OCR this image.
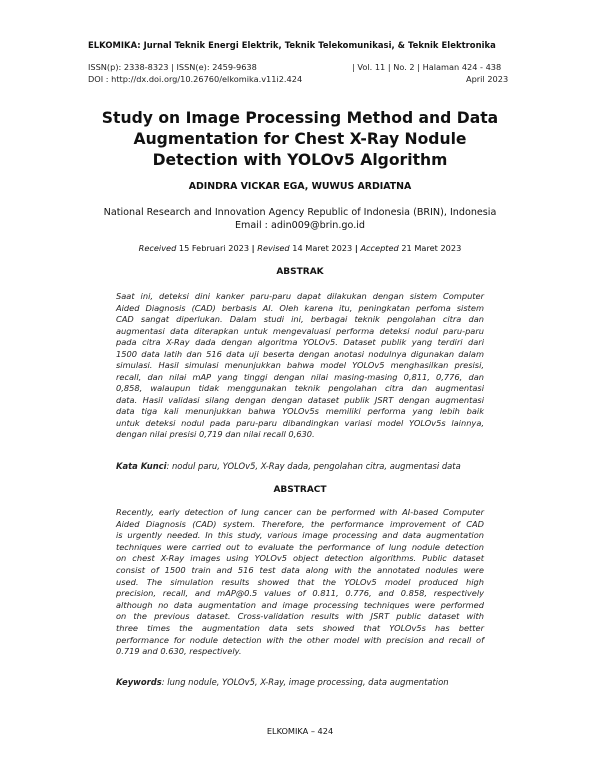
ELKOMIKA: Jurnal Teknik Energi Elektrik, Teknik Telekomunikasi, & Teknik Elektronika
ISSN(p): 2338-8323 | ISSN(e): 2459-9638	| Vol. 11 | No. 2 | Halaman 424 - 438
DOI : http://dx.doi.org/10.26760/elkomika.v11i2.424	April 2023
Study on Image Processing Method and Data
Augmentation for Chest X-Ray Nodule
Detection with YOLOv5 Algorithm
ADINDRA VICKAR EGA, WUWUS ARDIATNA
National Research and Innovation Agency Republic of Indonesia (BRIN), Indonesia
Email : adin009@brin.go.id
Received 15 Februari 2023 | Revised 14 Maret 2023 | Accepted 21 Maret 2023
ABSTRAK
Saat ini, deteksi dini kanker paru-paru dapat dilakukan dengan sistem Computer
Aided Diagnosis (CAD) berbasis AI. Oleh karena itu, peningkatan perfoma sistem
CAD sangat diperlukan. Dalam studi ini, berbagai teknik pengolahan citra dan
augmentasi data diterapkan untuk mengevaluasi performa deteksi nodul paru-paru
pada citra X-Ray dada dengan algoritma YOLOv5. Dataset publik yang terdiri dari
1500 data latih dan 516 data uji beserta dengan anotasi nodulnya digunakan dalam
simulasi. Hasil simulasi menunjukkan bahwa model YOLOv5 menghasilkan presisi,
recall, dan nilai mAP yang tinggi dengan nilai masing-masing 0,811, 0,776, dan
0,858, walaupun tidak menggunakan teknik pengolahan citra dan augmentasi
data. Hasil validasi silang dengan dengan dataset publik JSRT dengan augmentasi
data tiga kali menunjukkan bahwa YOLOv5s memiliki performa yang lebih baik
untuk deteksi nodul pada paru-paru dibandingkan variasi model YOLOv5s lainnya,
dengan nilai presisi 0,719 dan nilai recall 0,630.
Kata Kunci: nodul paru, YOLOv5, X-Ray dada, pengolahan citra, augmentasi data
ABSTRACT
Recently, early detection of lung cancer can be performed with AI-based Computer
Aided Diagnosis (CAD) system. Therefore, the performance improvement of CAD
is urgently needed. In this study, various image processing and data augmentation
techniques were carried out to evaluate the performance of lung nodule detection
on chest X-Ray images using YOLOv5 object detection algorithms. Public dataset
consist of 1500 train and 516 test data along with the annotated nodules were
used. The simulation results showed that the YOLOv5 model produced high
precision, recall, and mAP@0.5 values of 0.811, 0.776, and 0.858, respectively
although no data augmentation and image processing techniques were performed
on the previous dataset. Cross-validation results with JSRT public dataset with
three times the augmentation data sets showed that YOLOv5s has better
performance for nodule detection with the other model with precision and recall of
0.719 and 0.630, respectively.
Keywords: lung nodule, YOLOv5, X-Ray, image processing, data augmentation
ELKOMIKA – 424
